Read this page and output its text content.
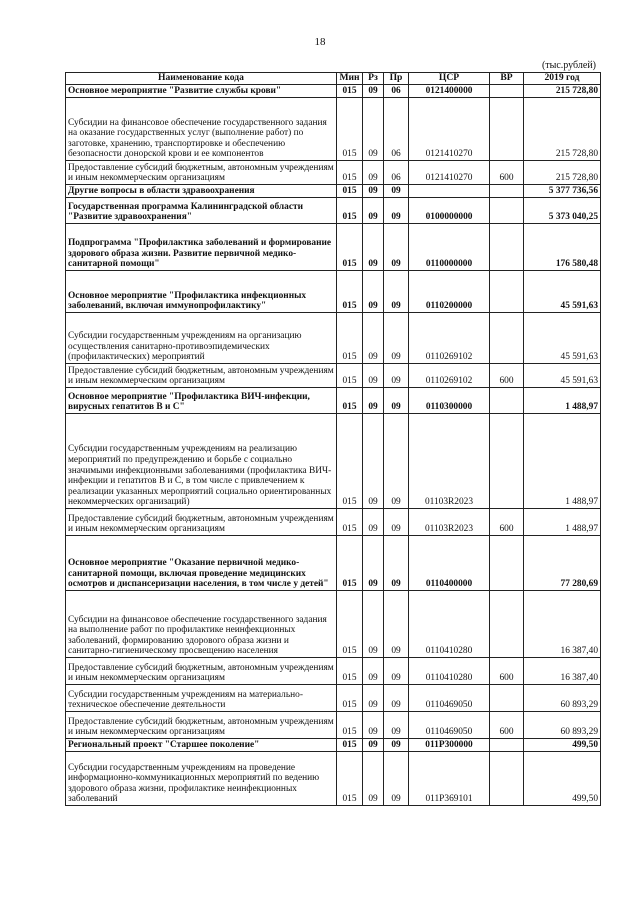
18
(тыс.рублей)
Наименование кода	Мин	Рз	Пр	ЦСР	ВР	2019 год
Основное мероприятие "Развитие службы крови"	015	09	06	0121400000		215 728,80
Субсидии на финансовое обеспечение государственного задания на оказание государственных услуг (выполнение работ) по заготовке, хранению, транспортировке и обеспечению безопасности донорской крови и ее компонентов	015	09	06	0121410270		215 728,80
Предоставление субсидий бюджетным, автономным учреждениям и иным некоммерческим организациям	015	09	06	0121410270	600	215 728,80
Другие вопросы в области здравоохранения	015	09	09			5 377 736,56
Государственная программа Калининградской области "Развитие здравоохранения"	015	09	09	0100000000		5 373 040,25
Подпрограмма "Профилактика заболеваний и формирование здорового образа жизни. Развитие первичной медико-санитарной помощи"	015	09	09	0110000000		176 580,48
Основное мероприятие "Профилактика инфекционных заболеваний, включая иммунопрофилактику"	015	09	09	0110200000		45 591,63
Субсидии государственным учреждениям на организацию осуществления санитарно-противоэпидемических (профилактических) мероприятий	015	09	09	0110269102		45 591,63
Предоставление субсидий бюджетным, автономным учреждениям и иным некоммерческим организациям	015	09	09	0110269102	600	45 591,63
Основное мероприятие "Профилактика ВИЧ-инфекции, вирусных гепатитов В и С"	015	09	09	0110300000		1 488,97
Субсидии государственным учреждениям на реализацию мероприятий по предупреждению и борьбе с социально значимыми инфекционными заболеваниями (профилактика ВИЧ-инфекции и гепатитов В и С, в том числе с привлечением к реализации указанных мероприятий социально ориентированных некоммерческих организаций)	015	09	09	01103R2023		1 488,97
Предоставление субсидий бюджетным, автономным учреждениям и иным некоммерческим организациям	015	09	09	01103R2023	600	1 488,97
Основное мероприятие "Оказание первичной медико-санитарной помощи, включая проведение медицинских осмотров и диспансеризации населения, в том числе у детей"	015	09	09	0110400000		77 280,69
Субсидии на финансовое обеспечение государственного задания на выполнение работ по профилактике неинфекционных заболеваний, формированию здорового образа жизни и санитарно-гигиеническому просвещению населения	015	09	09	0110410280		16 387,40
Предоставление субсидий бюджетным, автономным учреждениям и иным некоммерческим организациям	015	09	09	0110410280	600	16 387,40
Субсидии государственным учреждениям на материально-техническое обеспечение деятельности	015	09	09	0110469050		60 893,29
Предоставление субсидий бюджетным, автономным учреждениям и иным некоммерческим организациям	015	09	09	0110469050	600	60 893,29
Региональный проект "Старшее поколение"	015	09	09	011P300000		499,50
Субсидии государственным учреждениям на проведение информационно-коммуникационных мероприятий по ведению здорового образа жизни, профилактике неинфекционных заболеваний	015	09	09	011P369101		499,50
